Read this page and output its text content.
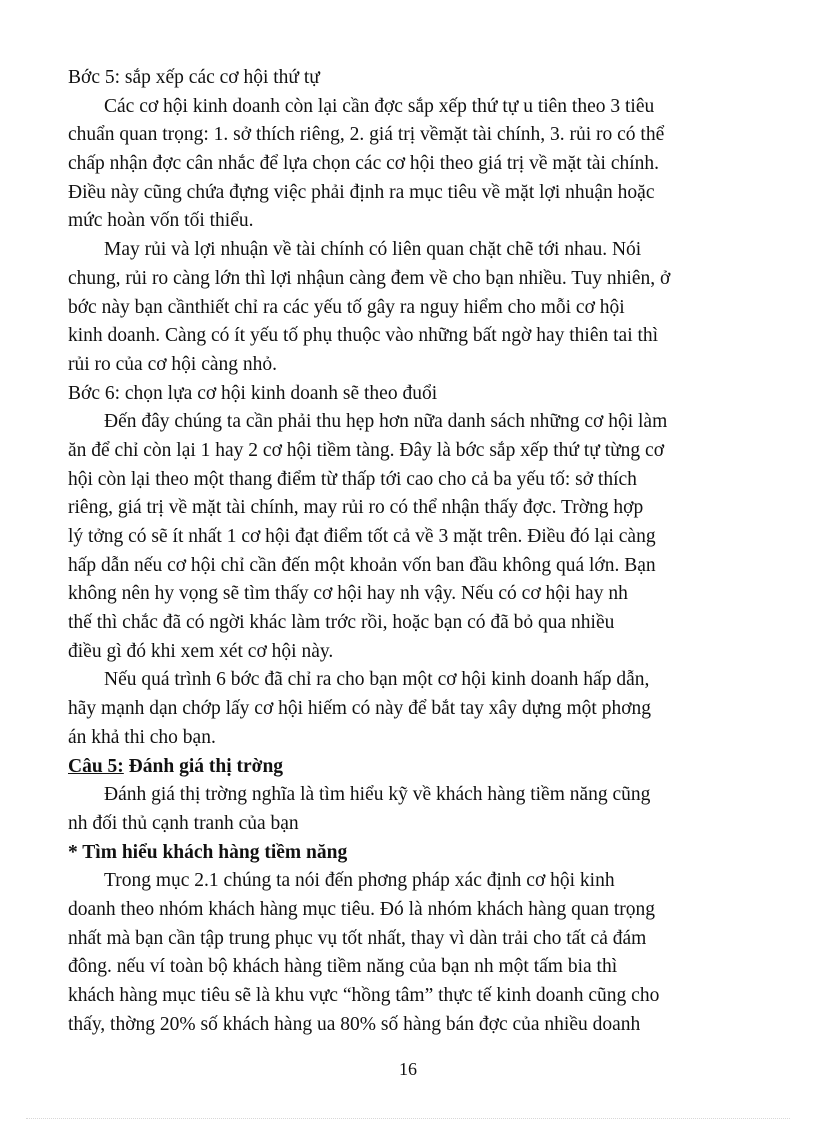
Bớc 5: sắp xếp các cơ hội thứ tự
Các cơ hội kinh doanh còn lại cần đợc sắp xếp thứ tự u tiên theo 3 tiêu
chuẩn quan trọng: 1. sở thích riêng, 2. giá trị vềmặt tài chính, 3. rủi ro có thể
chấp nhận đợc cân nhắc để lựa chọn các cơ hội theo giá trị về mặt tài chính.
Điều này cũng chứa đựng việc phải định ra mục tiêu về mặt lợi nhuận hoặc
mức hoàn vốn tối thiểu.
May rủi và lợi nhuận về tài chính có liên quan chặt chẽ tới nhau. Nói
chung, rủi ro càng lớn thì lợi nhậun càng đem về cho bạn nhiều. Tuy nhiên, ở
bớc này bạn cầnthiết chỉ ra các yếu tố gây ra nguy hiểm cho mỗi cơ hội
kinh doanh. Càng có ít yếu tố phụ thuộc vào những bất ngờ hay thiên tai thì
rủi ro của cơ hội càng nhỏ.
Bớc 6: chọn lựa cơ hội kinh doanh sẽ theo đuổi
Đến đây chúng ta cần phải thu hẹp hơn nữa danh sách những cơ hội làm
ăn để chỉ còn lại 1 hay 2 cơ hội tiềm tàng. Đây là bớc sắp xếp thứ tự từng cơ
hội còn lại theo một thang điểm từ thấp tới cao cho cả ba yếu tố: sở thích
riêng, giá trị về mặt tài chính, may rủi ro có thể nhận thấy đợc. Trờng hợp
lý tởng có sẽ ít nhất 1 cơ hội đạt điểm tốt cả về 3 mặt trên. Điều đó lại càng
hấp dẫn nếu cơ hội chỉ cần đến một khoản vốn ban đầu không quá lớn. Bạn
không nên hy vọng sẽ tìm thấy cơ hội hay nh vậy. Nếu có cơ hội hay nh
thế thì chắc đã có ngời khác làm trớc rồi, hoặc bạn có đã bỏ qua nhiều
điều gì đó khi xem xét cơ hội này.
Nếu quá trình 6 bớc đã chỉ ra cho bạn một cơ hội kinh doanh hấp dẫn,
hãy mạnh dạn chớp lấy cơ hội hiếm có này để bắt tay xây dựng một phơng
án khả thi cho bạn.
Câu 5: Đánh giá thị trờng
Đánh giá thị trờng nghĩa là tìm hiểu kỹ về khách hàng tiềm năng cũng
nh đối thủ cạnh tranh của bạn
* Tìm hiểu khách hàng tiềm năng
Trong mục 2.1 chúng ta nói đến phơng pháp xác định cơ hội kinh
doanh theo nhóm khách hàng mục tiêu. Đó là nhóm khách hàng quan trọng
nhất mà bạn cần tập trung phục vụ tốt nhất, thay vì dàn trải cho tất cả đám
đông. nếu ví toàn bộ khách hàng tiềm năng của bạn nh một tấm bia thì
khách hàng mục tiêu sẽ là khu vực “hồng tâm” thực tế kinh doanh cũng cho
thấy, thờng 20% số khách hàng ua 80% số hàng bán đợc của nhiều doanh
16
